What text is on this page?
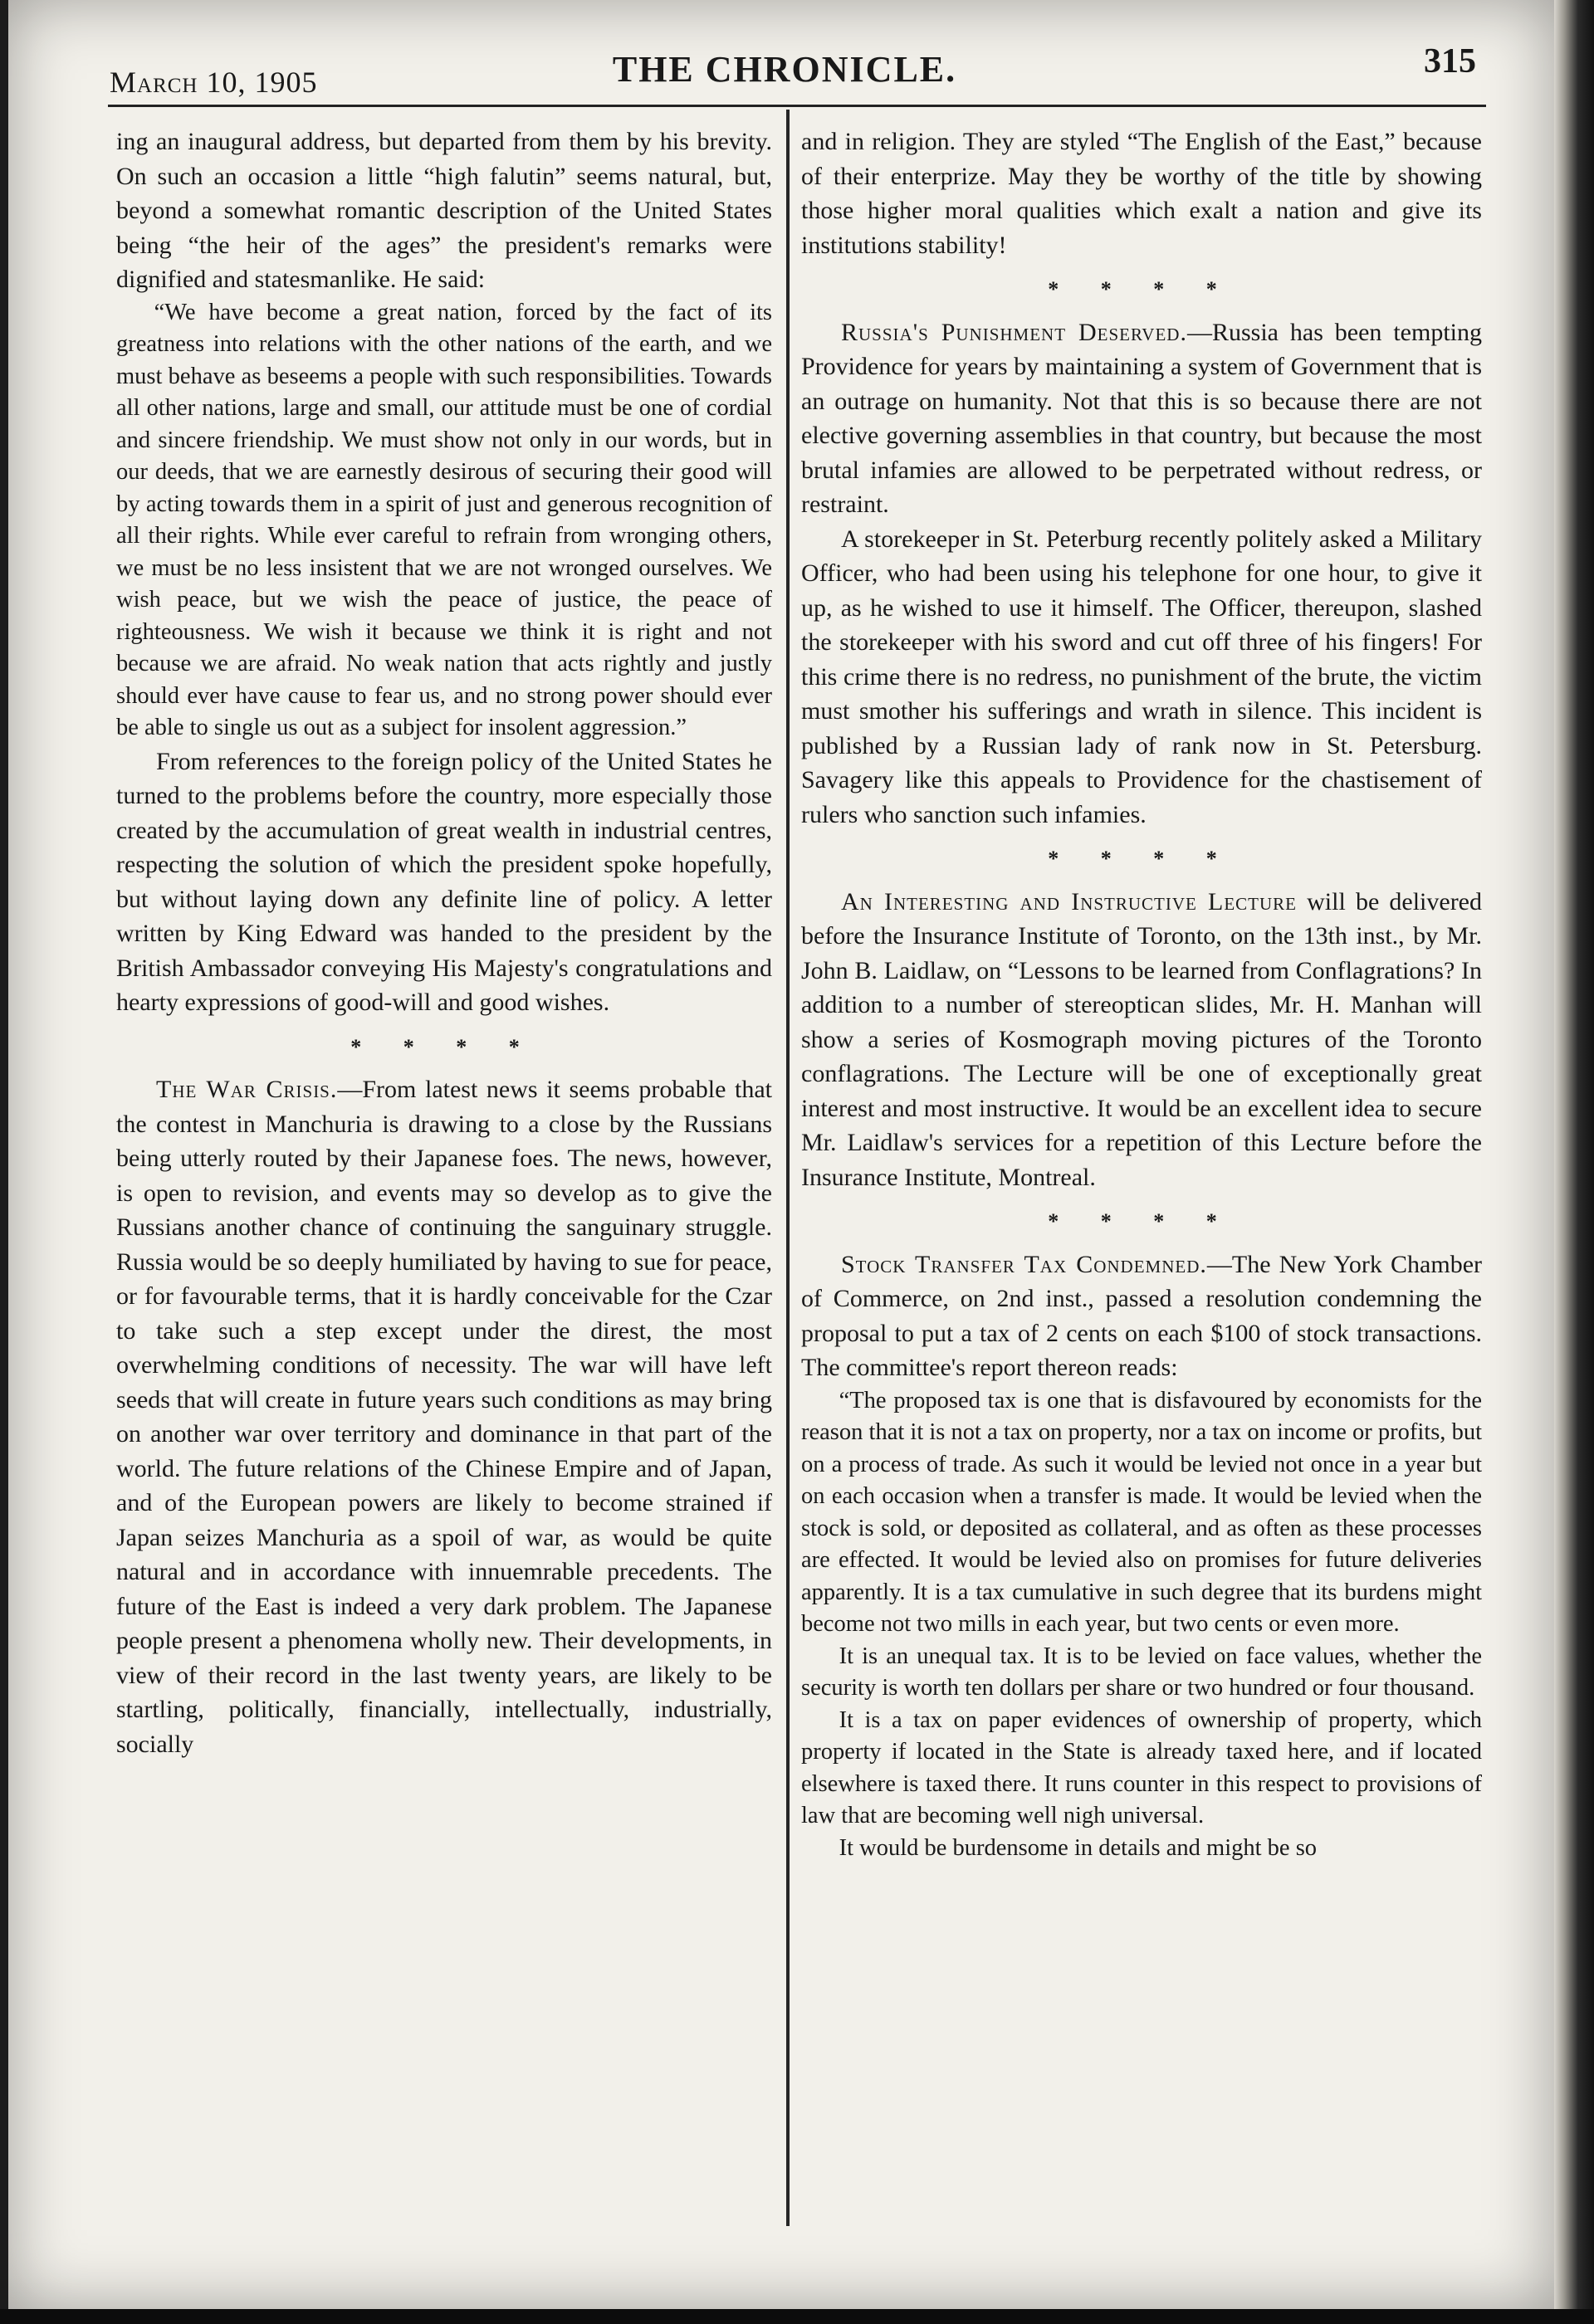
March 10, 1905	THE CHRONICLE.	315

ing an inaugural address, but departed from them by his brevity. On such an occasion a little “high falutin” seems natural, but, beyond a somewhat romantic description of the United States being “the heir of the ages” the president's remarks were dignified and statesmanlike. He said:

“We have become a great nation, forced by the fact of its greatness into relations with the other nations of the earth, and we must behave as beseems a people with such responsibilities. Towards all other nations, large and small, our attitude must be one of cordial and sincere friendship. We must show not only in our words, but in our deeds, that we are earnestly desirous of securing their good will by acting towards them in a spirit of just and generous recognition of all their rights. While ever careful to refrain from wronging others, we must be no less insistent that we are not wronged ourselves. We wish peace, but we wish the peace of justice, the peace of righteousness. We wish it because we think it is right and not because we are afraid. No weak nation that acts rightly and justly should ever have cause to fear us, and no strong power should ever be able to single us out as a subject for insolent aggression.”

From references to the foreign policy of the United States he turned to the problems before the country, more especially those created by the accumulation of great wealth in industrial centres, respecting the solution of which the president spoke hopefully, but without laying down any definite line of policy. A letter written by King Edward was handed to the president by the British Ambassador conveying His Majesty's congratulations and hearty expressions of good-will and good wishes.

* * * *

The War Crisis.—From latest news it seems probable that the contest in Manchuria is drawing to a close by the Russians being utterly routed by their Japanese foes. The news, however, is open to revision, and events may so develop as to give the Russians another chance of continuing the sanguinary struggle. Russia would be so deeply humiliated by having to sue for peace, or for favourable terms, that it is hardly conceivable for the Czar to take such a step except under the direst, the most overwhelming conditions of necessity. The war will have left seeds that will create in future years such conditions as may bring on another war over territory and dominance in that part of the world. The future relations of the Chinese Empire and of Japan, and of the European powers are likely to become strained if Japan seizes Manchuria as a spoil of war, as would be quite natural and in accordance with innuemrable precedents. The future of the East is indeed a very dark problem. The Japanese people present a phenomena wholly new. Their developments, in view of their record in the last twenty years, are likely to be startling, politically, financially, intellectually, industrially, socially

and in religion. They are styled “The English of the East,” because of their enterprize. May they be worthy of the title by showing those higher moral qualities which exalt a nation and give its institutions stability!

* * * *

Russia's Punishment Deserved.—Russia has been tempting Providence for years by maintaining a system of Government that is an outrage on humanity. Not that this is so because there are not elective governing assemblies in that country, but because the most brutal infamies are allowed to be perpetrated without redress, or restraint.

A storekeeper in St. Peterburg recently politely asked a Military Officer, who had been using his telephone for one hour, to give it up, as he wished to use it himself. The Officer, thereupon, slashed the storekeeper with his sword and cut off three of his fingers! For this crime there is no redress, no punishment of the brute, the victim must smother his sufferings and wrath in silence. This incident is published by a Russian lady of rank now in St. Petersburg. Savagery like this appeals to Providence for the chastisement of rulers who sanction such infamies.

* * * *

An Interesting and Instructive Lecture will be delivered before the Insurance Institute of Toronto, on the 13th inst., by Mr. John B. Laidlaw, on “Lessons to be learned from Conflagrations? In addition to a number of stereoptican slides, Mr. H. Manhan will show a series of Kosmograph moving pictures of the Toronto conflagrations. The Lecture will be one of exceptionally great interest and most instructive. It would be an excellent idea to secure Mr. Laidlaw's services for a repetition of this Lecture before the Insurance Institute, Montreal.

* * * *

Stock Transfer Tax Condemned.—The New York Chamber of Commerce, on 2nd inst., passed a resolution condemning the proposal to put a tax of 2 cents on each $100 of stock transactions. The committee's report thereon reads:

“The proposed tax is one that is disfavoured by economists for the reason that it is not a tax on property, nor a tax on income or profits, but on a process of trade. As such it would be levied not once in a year but on each occasion when a transfer is made. It would be levied when the stock is sold, or deposited as collateral, and as often as these processes are effected. It would be levied also on promises for future deliveries apparently. It is a tax cumulative in such degree that its burdens might become not two mills in each year, but two cents or even more.

It is an unequal tax. It is to be levied on face values, whether the security is worth ten dollars per share or two hundred or four thousand.

It is a tax on paper evidences of ownership of property, which property if located in the State is already taxed here, and if located elsewhere is taxed there. It runs counter in this respect to provisions of law that are becoming well nigh universal.

It would be burdensome in details and might be so
